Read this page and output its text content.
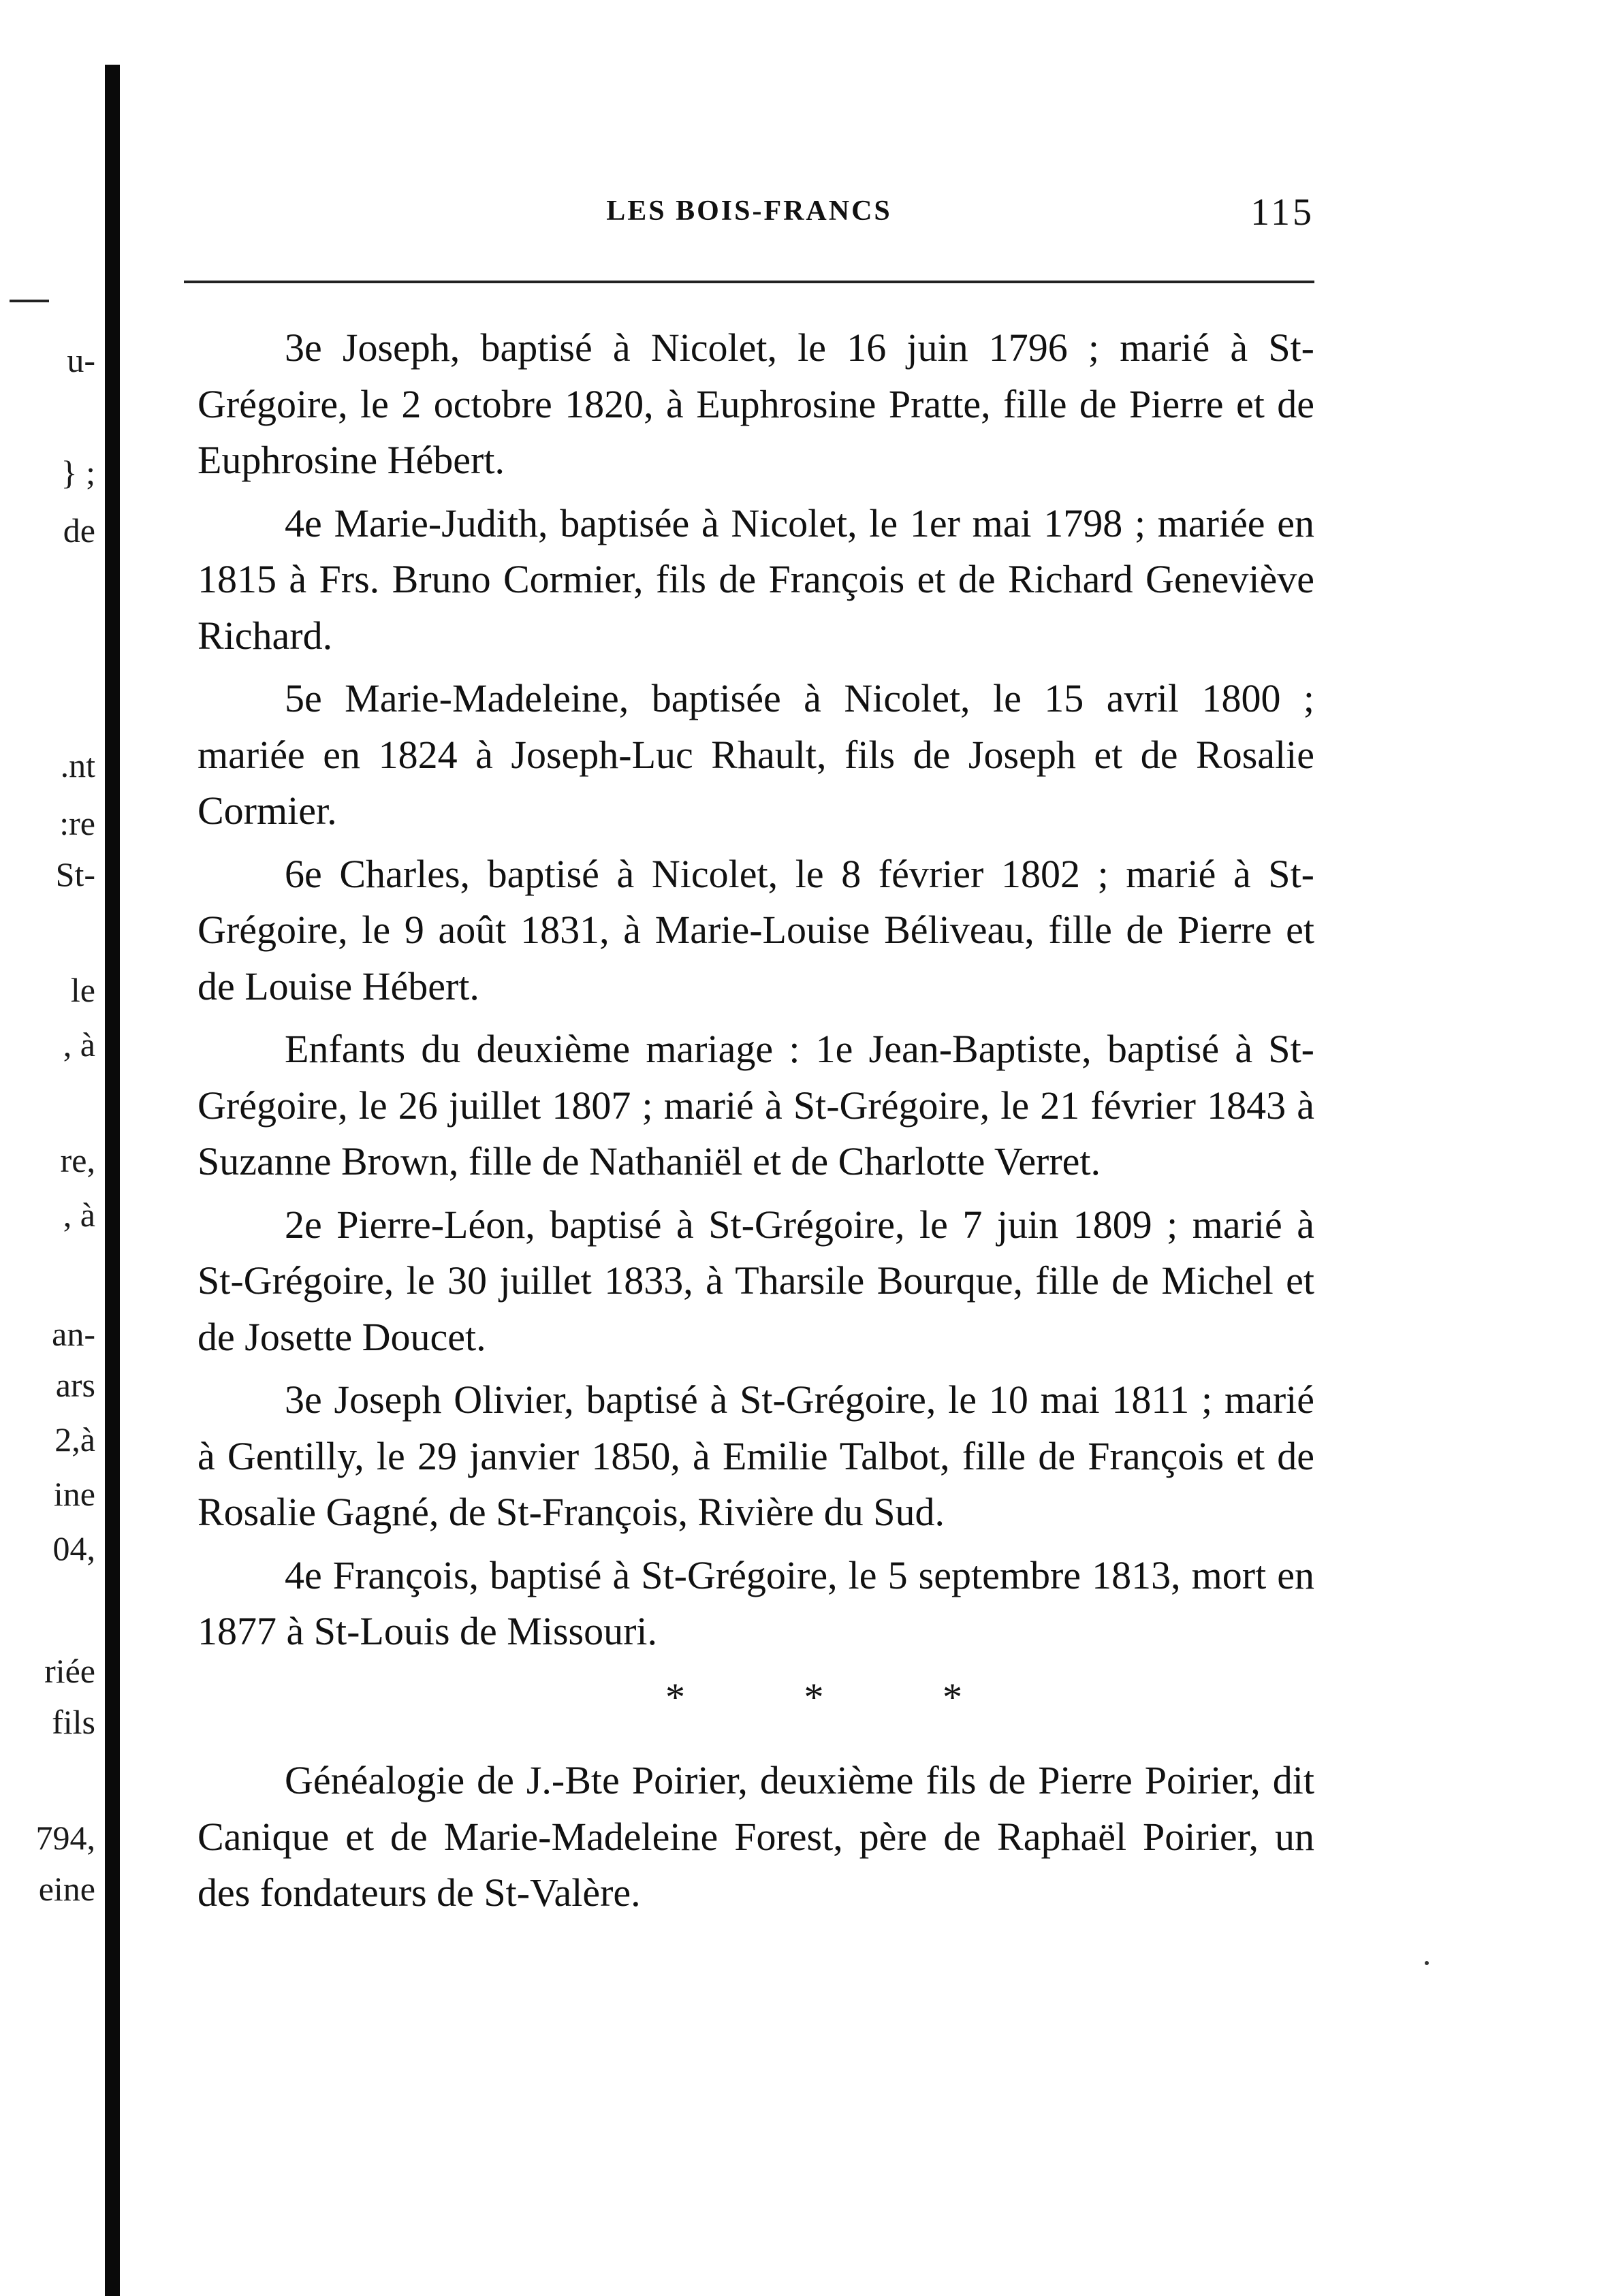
u-
} ;
de
.nt
:re
St-
le
, à
re,
, à
an-
ars
2,à
ine
04,
riée
fils
794,
eine
LES BOIS-FRANCS	115

3e Joseph, baptisé à Nicolet, le 16 juin 1796 ; marié à St-Grégoire, le 2 octobre 1820, à Euphrosine Pratte, fille de Pierre et de Euphrosine Hébert.

4e Marie-Judith, baptisée à Nicolet, le 1er mai 1798 ; mariée en 1815 à Frs. Bruno Cormier, fils de François et de Richard Geneviève Richard.

5e Marie-Madeleine, baptisée à Nicolet, le 15 avril 1800 ; mariée en 1824 à Joseph-Luc Rhault, fils de Joseph et de Rosalie Cormier.

6e Charles, baptisé à Nicolet, le 8 février 1802 ; marié à St-Grégoire, le 9 août 1831, à Marie-Louise Béliveau, fille de Pierre et de Louise Hébert.

Enfants du deuxième mariage : 1e Jean-Baptiste, baptisé à St-Grégoire, le 26 juillet 1807 ; marié à St-Grégoire, le 21 février 1843 à Suzanne Brown, fille de Nathaniël et de Charlotte Verret.

2e Pierre-Léon, baptisé à St-Grégoire, le 7 juin 1809 ; marié à St-Grégoire, le 30 juillet 1833, à Tharsile Bourque, fille de Michel et de Josette Doucet.

3e Joseph Olivier, baptisé à St-Grégoire, le 10 mai 1811 ; marié à Gentilly, le 29 janvier 1850, à Emilie Talbot, fille de François et de Rosalie Gagné, de St-François, Rivière du Sud.

4e François, baptisé à St-Grégoire, le 5 septembre 1813, mort en 1877 à St-Louis de Missouri.

* * *

Généalogie de J.-Bte Poirier, deuxième fils de Pierre Poirier, dit Canique et de Marie-Madeleine Forest, père de Raphaël Poirier, un des fondateurs de St-Valère.
